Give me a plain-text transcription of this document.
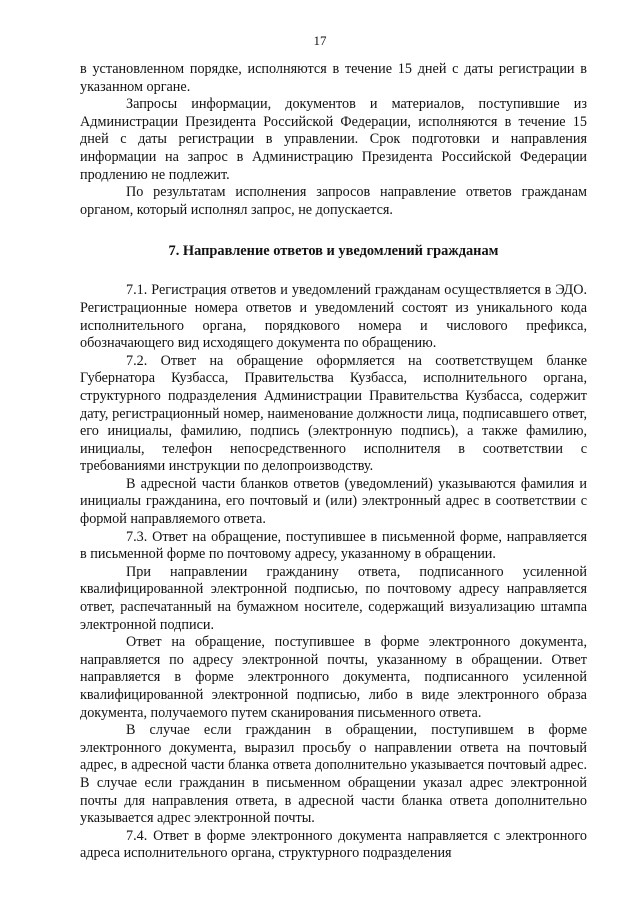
17

в установленном порядке, исполняются в течение 15 дней с даты регистрации в указанном органе.

Запросы информации, документов и материалов, поступившие из Администрации Президента Российской Федерации, исполняются в течение 15 дней с даты регистрации в управлении. Срок подготовки и направления информации на запрос в Администрацию Президента Российской Федерации продлению не подлежит.

По результатам исполнения запросов направление ответов гражданам органом, который исполнял запрос, не допускается.

7. Направление ответов и уведомлений гражданам

7.1. Регистрация ответов и уведомлений гражданам осуществляется в ЭДО. Регистрационные номера ответов и уведомлений состоят из уникального кода исполнительного органа, порядкового номера и числового префикса, обозначающего вид исходящего документа по обращению.

7.2. Ответ на обращение оформляется на соответствущем бланке Губернатора Кузбасса, Правительства Кузбасса, исполнительного органа, структурного подразделения Администрации Правительства Кузбасса, содержит дату, регистрационный номер, наименование должности лица, подписавшего ответ, его инициалы, фамилию, подпись (электронную подпись), а также фамилию, инициалы, телефон непосредственного исполнителя в соответствии с требованиями инструкции по делопроизводству.

В адресной части бланков ответов (уведомлений) указываются фамилия и инициалы гражданина, его почтовый и (или) электронный адрес в соответствии с формой направляемого ответа.

7.3. Ответ на обращение, поступившее в письменной форме, направляется в письменной форме по почтовому адресу, указанному в обращении.

При направлении гражданину ответа, подписанного усиленной квалифицированной электронной подписью, по почтовому адресу направляется ответ, распечатанный на бумажном носителе, содержащий визуализацию штампа электронной подписи.

Ответ на обращение, поступившее в форме электронного документа, направляется по адресу электронной почты, указанному в обращении. Ответ направляется в форме электронного документа, подписанного усиленной квалифицированной электронной подписью, либо в виде электронного образа документа, получаемого путем сканирования письменного ответа.

В случае если гражданин в обращении, поступившем в форме электронного документа, выразил просьбу о направлении ответа на почтовый адрес, в адресной части бланка ответа дополнительно указывается почтовый адрес. В случае если гражданин в письменном обращении указал адрес электронной почты для направления ответа, в адресной части бланка ответа дополнительно указывается адрес электронной почты.

7.4. Ответ в форме электронного документа направляется с электронного адреса исполнительного органа, структурного подразделения
